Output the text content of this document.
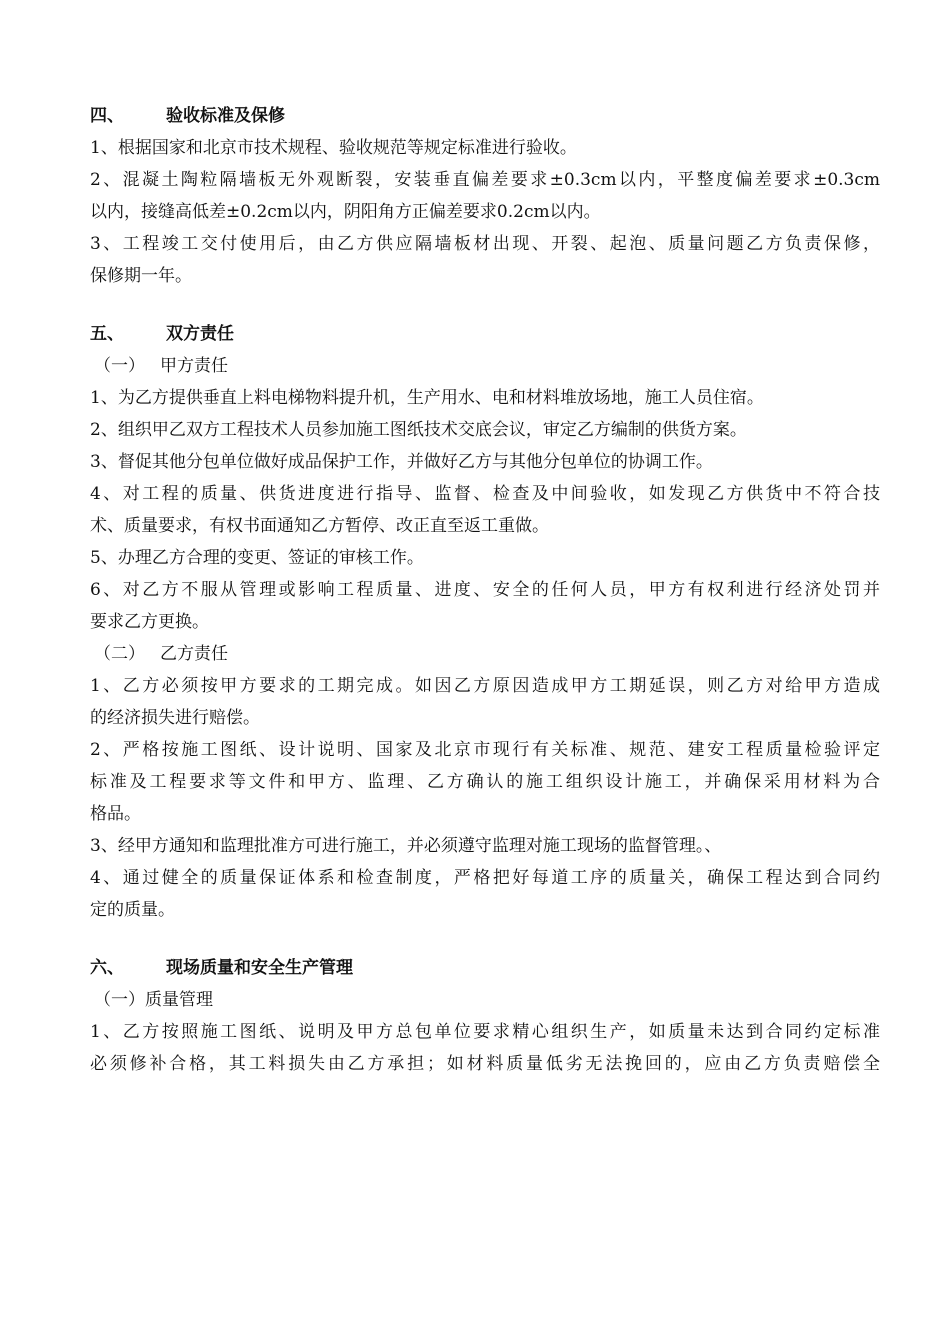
四、 验收标准及保修

1、根据国家和北京市技术规程、验收规范等规定标准进行验收。

2、混凝土陶粒隔墙板无外观断裂，安装垂直偏差要求±0.3cm以内，平整度偏差要求±0.3cm

以内，接缝高低差±0.2cm以内，阴阳角方正偏差要求0.2cm以内。

3、工程竣工交付使用后，由乙方供应隔墙板材出现、开裂、起泡、质量问题乙方负责保修，

保修期一年。

五、 双方责任
（一） 甲方责任

1、为乙方提供垂直上料电梯物料提升机，生产用水、电和材料堆放场地，施工人员住宿。

2、组织甲乙双方工程技术人员参加施工图纸技术交底会议，审定乙方编制的供货方案。

3、督促其他分包单位做好成品保护工作，并做好乙方与其他分包单位的协调工作。

4、对工程的质量、供货进度进行指导、监督、检查及中间验收，如发现乙方供货中不符合技

术、质量要求，有权书面通知乙方暂停、改正直至返工重做。

5、办理乙方合理的变更、签证的审核工作。

6、对乙方不服从管理或影响工程质量、进度、安全的任何人员，甲方有权利进行经济处罚并

要求乙方更换。

（二） 乙方责任

1、乙方必须按甲方要求的工期完成。如因乙方原因造成甲方工期延误，则乙方对给甲方造成

的经济损失进行赔偿。

2、严格按施工图纸、设计说明、国家及北京市现行有关标准、规范、建安工程质量检验评定

标准及工程要求等文件和甲方、监理、乙方确认的施工组织设计施工，并确保采用材料为合

格品。

3、经甲方通知和监理批准方可进行施工，并必须遵守监理对施工现场的监督管理。、

4、通过健全的质量保证体系和检查制度，严格把好每道工序的质量关，确保工程达到合同约

定的质量。

六、 现场质量和安全生产管理
（一）质量管理

1、乙方按照施工图纸、说明及甲方总包单位要求精心组织生产，如质量未达到合同约定标准

必须修补合格，其工料损失由乙方承担；如材料质量低劣无法挽回的，应由乙方负责赔偿全
